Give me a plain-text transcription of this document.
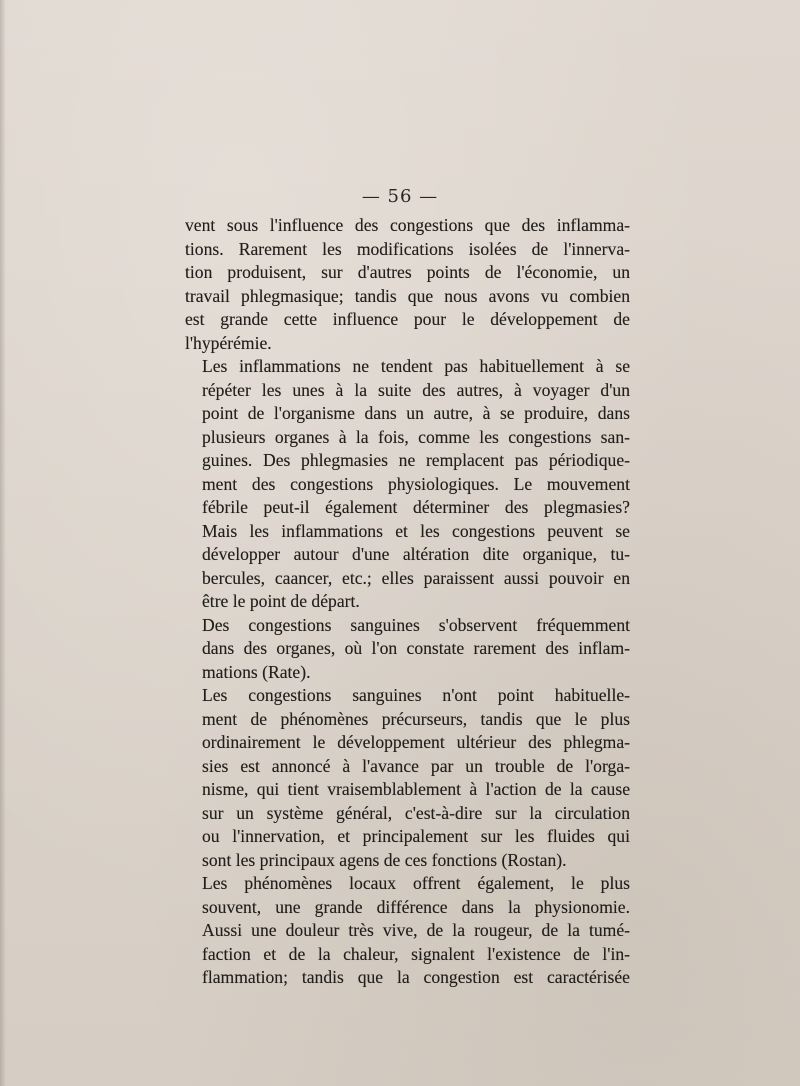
— 56 —

vent sous l'influence des congestions que des inflamma-
tions. Rarement les modifications isolées de l'innerva-
tion produisent, sur d'autres points de l'économie, un
travail phlegmasique; tandis que nous avons vu combien
est grande cette influence pour le développement de
l'hypérémie.

Les inflammations ne tendent pas habituellement à se
répéter les unes à la suite des autres, à voyager d'un
point de l'organisme dans un autre, à se produire, dans
plusieurs organes à la fois, comme les congestions san-
guines. Des phlegmasies ne remplacent pas périodique-
ment des congestions physiologiques. Le mouvement
fébrile peut-il également déterminer des plegmasies?
Mais les inflammations et les congestions peuvent se
développer autour d'une altération dite organique, tu-
bercules, caancer, etc.; elles paraissent aussi pouvoir en
être le point de départ.

Des congestions sanguines s'observent fréquemment
dans des organes, où l'on constate rarement des inflam-
mations (Rate).

Les congestions sanguines n'ont point habituelle-
ment de phénomènes précurseurs, tandis que le plus
ordinairement le développement ultérieur des phlegma-
sies est annoncé à l'avance par un trouble de l'orga-
nisme, qui tient vraisemblablement à l'action de la cause
sur un système général, c'est-à-dire sur la circulation
ou l'innervation, et principalement sur les fluides qui
sont les principaux agens de ces fonctions (Rostan).

Les phénomènes locaux offrent également, le plus
souvent, une grande différence dans la physionomie.
Aussi une douleur très vive, de la rougeur, de la tumé-
faction et de la chaleur, signalent l'existence de l'in-
flammation; tandis que la congestion est caractérisée
